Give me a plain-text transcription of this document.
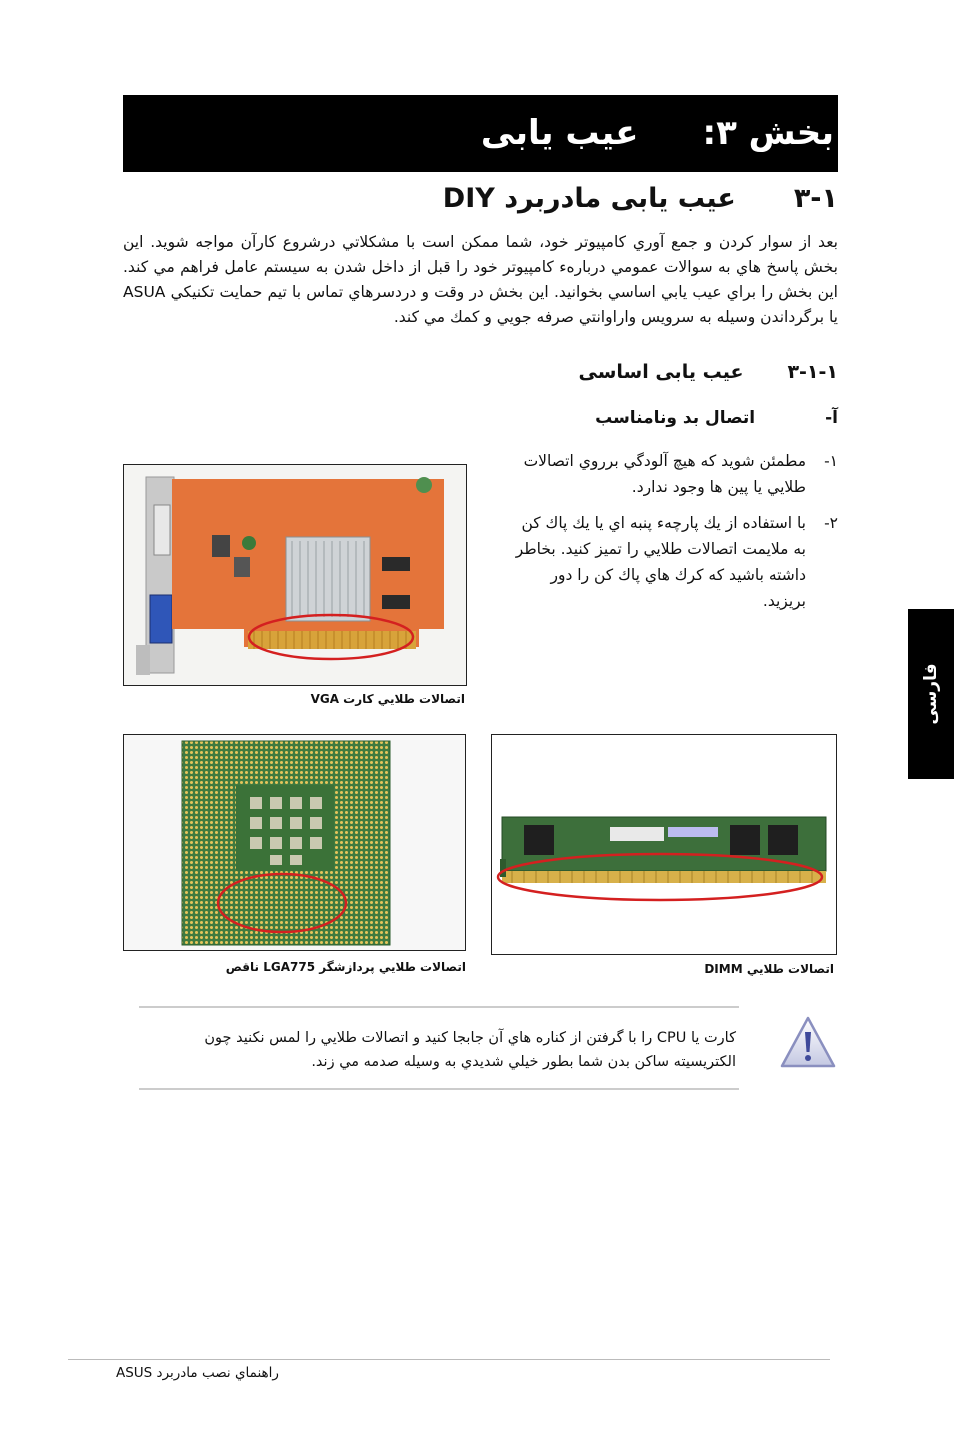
بخش ۳:عیب یابی
۳-۱عیب یابی مادربرد DIY

بعد از سوار کردن و جمع آوري كامپيوتر خود، شما ممكن است با مشكلاتي درشروع كارآن مواجه شويد. اين بخش پاسخ هاي به سوالات عمومي دربارهء كامپيوتر خود را قبل از داخل شدن به سيستم عامل فراهم مي كند. اين بخش را براي عيب يابي اساسي بخوانيد. اين بخش در وقت و دردسرهاي تماس با تيم حمايت تكنيكي ASUA يا برگرداندن وسيله به سرويس واراوانتي صرفه جويي و كمك مي كند.

۳-۱-۱عیب یابی اساسی
آ-اتصال بد ونامناسب
۱-
مطمئن شوید که هیچ آلودگي برروي اتصالات طلايي يا پين ها وجود ندارد.
۲-
با استفاده از يك پارچهء پنبه اي يا يك پاك كن به ملايمت اتصالات طلايي را تميز كنيد. بخاطر داشته باشيد كه كرك هاي پاك كن را دور بريزيد.
اتصالات طلايي كارت VGA
اتصالات طلايي پردازشگر LGA775 ناقص	اتصالات طلايي DIMM
فارسی
كارت يا CPU را با گرفتن از كناره هاي آن جابجا كنيد و اتصالات طلايي را لمس نكنيد چون الكتريسيته ساكن بدن شما بطور خيلي شديدي به وسيله صدمه مي زند.
راهنماي نصب مادربرد ASUS
